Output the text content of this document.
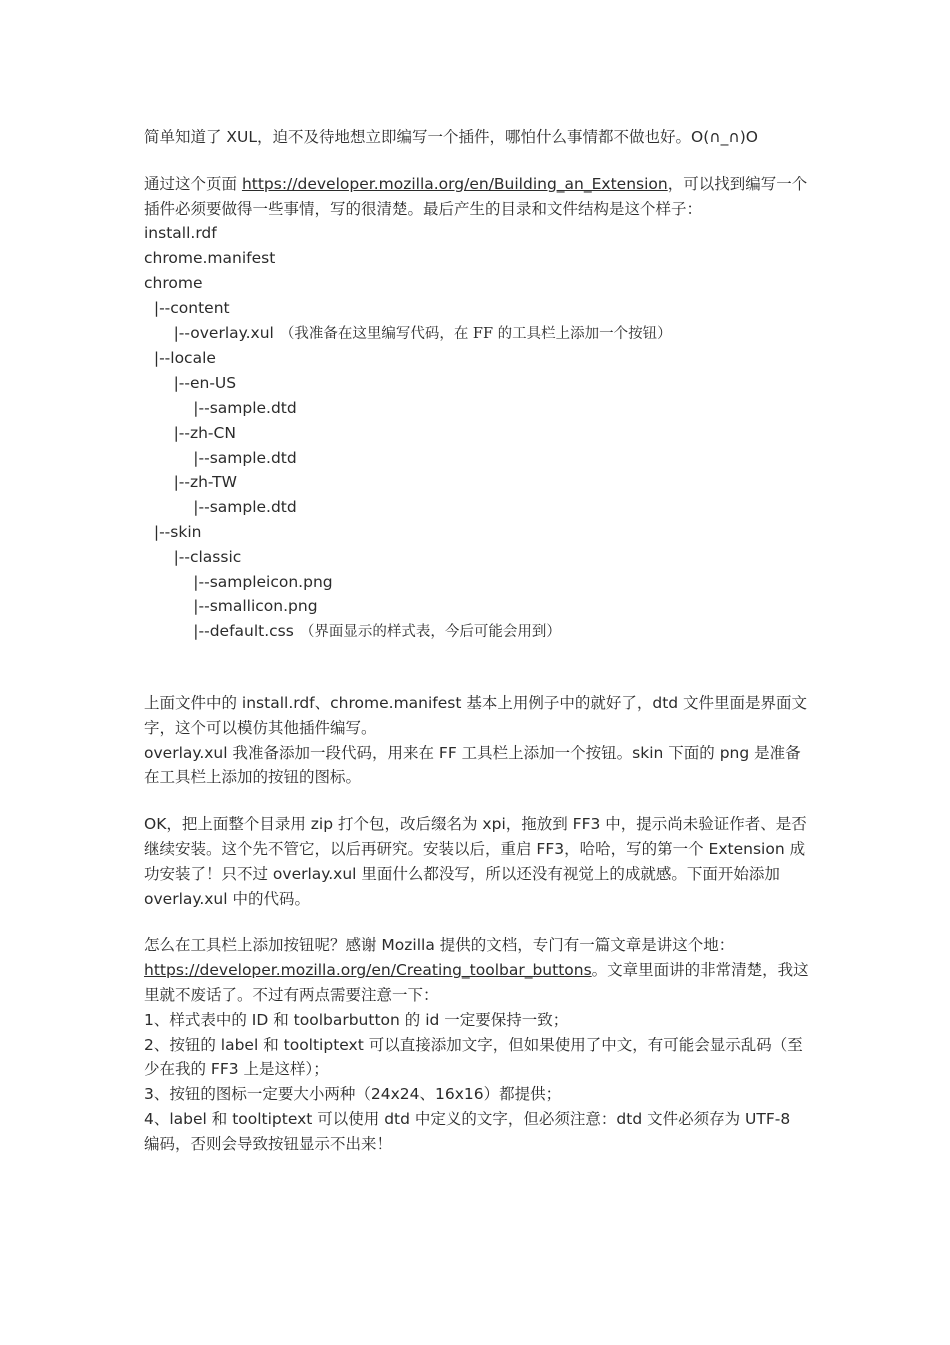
简单知道了 XUL，迫不及待地想立即编写一个插件，哪怕什么事情都不做也好。O(∩_∩)O

通过这个页面 https://developer.mozilla.org/en/Building_an_Extension，可以找到编写一个插件必须要做得一些事情，写的很清楚。最后产生的目录和文件结构是这个样子：

install.rdf
chrome.manifest
chrome
|--content
|--overlay.xul （我准备在这里编写代码，在 FF 的工具栏上添加一个按钮）
|--locale
|--en-US
|--sample.dtd
|--zh-CN
|--sample.dtd
|--zh-TW
|--sample.dtd
|--skin
|--classic
|--sampleicon.png
|--smallicon.png
|--default.css （界面显示的样式表，今后可能会用到）

上面文件中的 install.rdf、chrome.manifest 基本上用例子中的就好了，dtd 文件里面是界面文字，这个可以模仿其他插件编写。

overlay.xul 我准备添加一段代码，用来在 FF 工具栏上添加一个按钮。skin 下面的 png 是准备在工具栏上添加的按钮的图标。

OK，把上面整个目录用 zip 打个包，改后缀名为 xpi，拖放到 FF3 中，提示尚未验证作者、是否继续安装。这个先不管它，以后再研究。安装以后，重启 FF3，哈哈，写的第一个 Extension 成功安装了！只不过 overlay.xul 里面什么都没写，所以还没有视觉上的成就感。下面开始添加 overlay.xul 中的代码。

怎么在工具栏上添加按钮呢？感谢 Mozilla 提供的文档，专门有一篇文章是讲这个地：https://developer.mozilla.org/en/Creating_toolbar_buttons。文章里面讲的非常清楚，我这里就不废话了。不过有两点需要注意一下：

1、样式表中的 ID 和 toolbarbutton 的 id 一定要保持一致；

2、按钮的 label 和 tooltiptext 可以直接添加文字，但如果使用了中文，有可能会显示乱码（至少在我的 FF3 上是这样）；

3、按钮的图标一定要大小两种（24x24、16x16）都提供；

4、label 和 tooltiptext 可以使用 dtd 中定义的文字，但必须注意：dtd 文件必须存为 UTF-8 编码，否则会导致按钮显示不出来！
